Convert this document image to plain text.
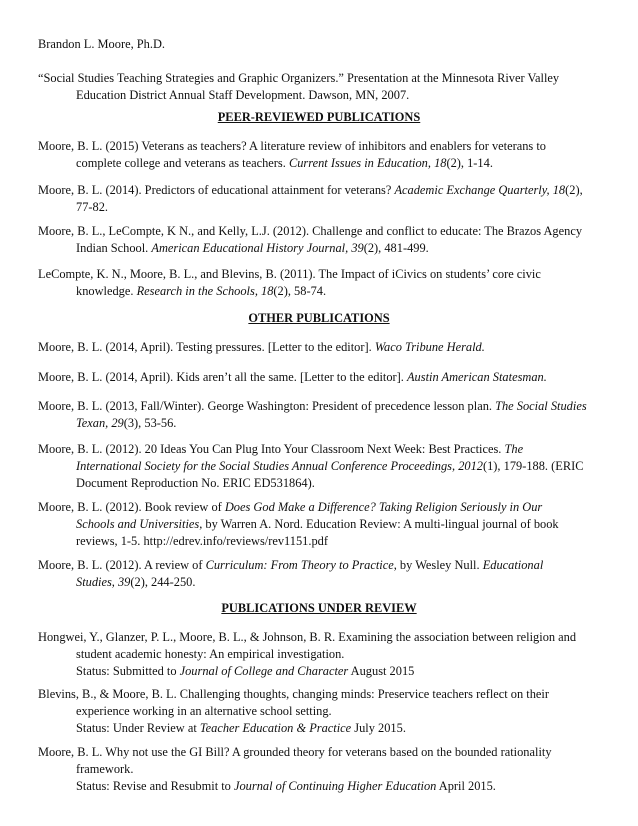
Brandon L. Moore, Ph.D.
“Social Studies Teaching Strategies and Graphic Organizers.” Presentation at the Minnesota River Valley
Education District Annual Staff Development. Dawson, MN, 2007.
PEER-REVIEWED PUBLICATIONS
Moore, B. L. (2015) Veterans as teachers? A literature review of inhibitors and enablers for veterans to
complete college and veterans as teachers. Current Issues in Education, 18(2), 1-14.
Moore, B. L. (2014). Predictors of educational attainment for veterans? Academic Exchange Quarterly, 18(2),
77-82.
Moore, B. L., LeCompte, K N., and Kelly, L.J. (2012). Challenge and conflict to educate: The Brazos Agency
Indian School. American Educational History Journal, 39(2), 481-499.
LeCompte, K. N., Moore, B. L., and Blevins, B. (2011). The Impact of iCivics on students’ core civic
knowledge. Research in the Schools, 18(2), 58-74.
OTHER PUBLICATIONS
Moore, B. L. (2014, April). Testing pressures. [Letter to the editor]. Waco Tribune Herald.
Moore, B. L. (2014, April). Kids aren’t all the same. [Letter to the editor]. Austin American Statesman.
Moore, B. L. (2013, Fall/Winter). George Washington: President of precedence lesson plan. The Social Studies
Texan, 29(3), 53-56.
Moore, B. L. (2012). 20 Ideas You Can Plug Into Your Classroom Next Week: Best Practices. The
International Society for the Social Studies Annual Conference Proceedings, 2012(1), 179-188. (ERIC
Document Reproduction No. ERIC ED531864).
Moore, B. L. (2012). Book review of Does God Make a Difference? Taking Religion Seriously in Our
Schools and Universities, by Warren A. Nord. Education Review: A multi-lingual journal of book
reviews, 1-5. http://edrev.info/reviews/rev1151.pdf
Moore, B. L. (2012). A review of Curriculum: From Theory to Practice, by Wesley Null. Educational
Studies, 39(2), 244-250.
PUBLICATIONS UNDER REVIEW
Hongwei, Y., Glanzer, P. L., Moore, B. L., & Johnson, B. R. Examining the association between religion and
student academic honesty: An empirical investigation.
Status: Submitted to Journal of College and Character August 2015
Blevins, B., & Moore, B. L. Challenging thoughts, changing minds: Preservice teachers reflect on their
experience working in an alternative school setting.
Status: Under Review at Teacher Education & Practice July 2015.
Moore, B. L. Why not use the GI Bill? A grounded theory for veterans based on the bounded rationality
framework.
Status: Revise and Resubmit to Journal of Continuing Higher Education April 2015.
